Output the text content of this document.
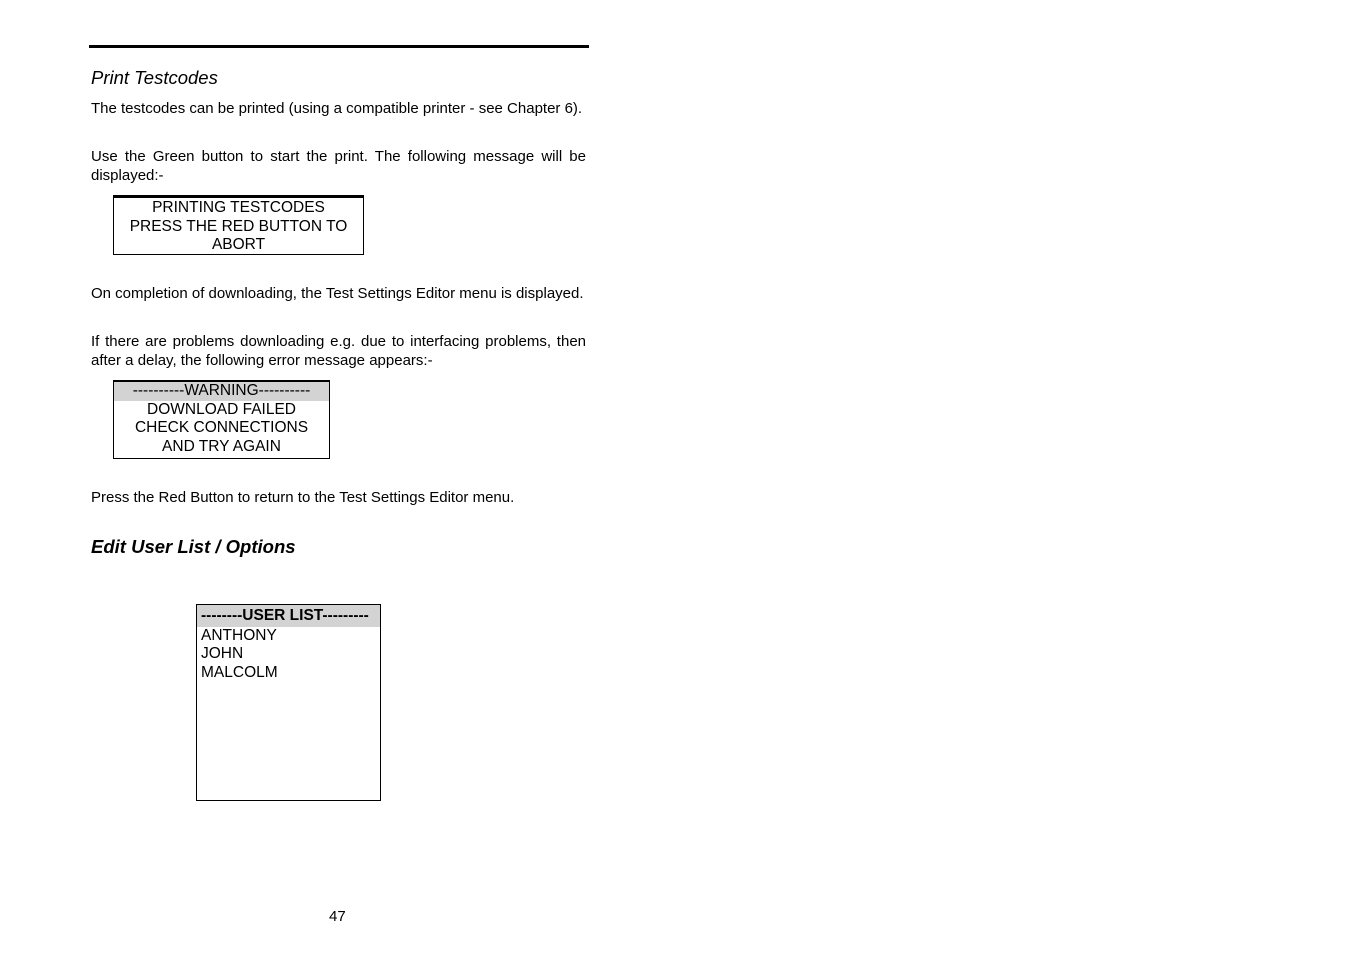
Print Testcodes
The testcodes can be printed (using a compatible printer - see Chapter 6).
Use the Green button to start the print. The following message will be displayed:-
PRINTING TESTCODES
PRESS THE RED BUTTON TO
ABORT
On completion of downloading, the Test Settings Editor menu is displayed.
If there are problems downloading e.g. due to interfacing problems, then after a delay, the following error message appears:-
----------WARNING----------
DOWNLOAD FAILED
CHECK CONNECTIONS
AND TRY AGAIN
Press the Red Button to return to the Test Settings Editor menu.
Edit User List / Options
--------USER LIST---------
ANTHONY
JOHN
MALCOLM
47
